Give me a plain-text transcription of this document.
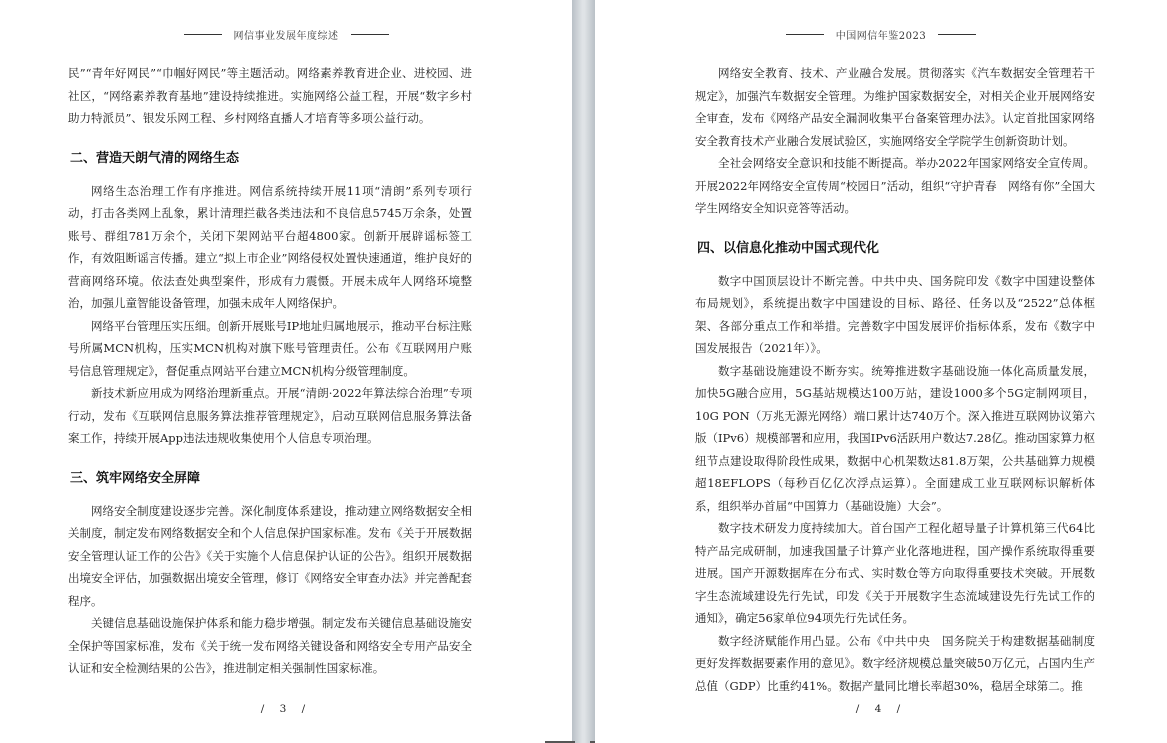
网信事业发展年度综述

民”“青年好网民”“巾帼好网民”等主题活动。网络素养教育进企业、进校园、进社区，“网络素养教育基地”建设持续推进。实施网络公益工程，开展“数字乡村助力特派员”、银发乐网工程、乡村网络直播人才培育等多项公益行动。

二、营造天朗气清的网络生态

网络生态治理工作有序推进。网信系统持续开展11项“清朗”系列专项行动，打击各类网上乱象，累计清理拦截各类违法和不良信息5745万余条，处置账号、群组781万余个，关闭下架网站平台超4800家。创新开展辟谣标签工作，有效阻断谣言传播。建立“拟上市企业”网络侵权处置快速通道，维护良好的营商网络环境。依法查处典型案件，形成有力震慑。开展未成年人网络环境整治，加强儿童智能设备管理，加强未成年人网络保护。

网络平台管理压实压细。创新开展账号IP地址归属地展示，推动平台标注账号所属MCN机构，压实MCN机构对旗下账号管理责任。公布《互联网用户账号信息管理规定》，督促重点网站平台建立MCN机构分级管理制度。

新技术新应用成为网络治理新重点。开展“清朗·2022年算法综合治理”专项行动，发布《互联网信息服务算法推荐管理规定》，启动互联网信息服务算法备案工作，持续开展App违法违规收集使用个人信息专项治理。

三、筑牢网络安全屏障

网络安全制度建设逐步完善。深化制度体系建设，推动建立网络数据安全相关制度，制定发布网络数据安全和个人信息保护国家标准。发布《关于开展数据安全管理认证工作的公告》《关于实施个人信息保护认证的公告》。组织开展数据出境安全评估，加强数据出境安全管理，修订《网络安全审查办法》并完善配套程序。

关键信息基础设施保护体系和能力稳步增强。制定发布关键信息基础设施安全保护等国家标准，发布《关于统一发布网络关键设备和网络安全专用产品安全认证和安全检测结果的公告》，推进制定相关强制性国家标准。

/ 3 /
中国网信年鉴2023

网络安全教育、技术、产业融合发展。贯彻落实《汽车数据安全管理若干规定》，加强汽车数据安全管理。为维护国家数据安全，对相关企业开展网络安全审查，发布《网络产品安全漏洞收集平台备案管理办法》。认定首批国家网络安全教育技术产业融合发展试验区，实施网络安全学院学生创新资助计划。

全社会网络安全意识和技能不断提高。举办2022年国家网络安全宣传周。开展2022年网络安全宣传周“校园日”活动，组织“守护青春　网络有你”全国大学生网络安全知识竞答等活动。

四、以信息化推动中国式现代化

数字中国顶层设计不断完善。中共中央、国务院印发《数字中国建设整体布局规划》，系统提出数字中国建设的目标、路径、任务以及“2522”总体框架、各部分重点工作和举措。完善数字中国发展评价指标体系，发布《数字中国发展报告（2021年）》。

数字基础设施建设不断夯实。统筹推进数字基础设施一体化高质量发展，加快5G融合应用，5G基站规模达100万站，建设1000多个5G定制网项目，10G PON（万兆无源光网络）端口累计达740万个。深入推进互联网协议第六版（IPv6）规模部署和应用，我国IPv6活跃用户数达7.28亿。推动国家算力枢纽节点建设取得阶段性成果，数据中心机架数达81.8万架，公共基础算力规模超18EFLOPS（每秒百亿亿次浮点运算）。全面建成工业互联网标识解析体系，组织举办首届“中国算力（基础设施）大会”。

数字技术研发力度持续加大。首台国产工程化超导量子计算机第三代64比特产品完成研制，加速我国量子计算产业化落地进程，国产操作系统取得重要进展。国产开源数据库在分布式、实时数仓等方向取得重要技术突破。开展数字生态流域建设先行先试，印发《关于开展数字生态流域建设先行先试工作的通知》，确定56家单位94项先行先试任务。

数字经济赋能作用凸显。公布《中共中央　国务院关于构建数据基础制度更好发挥数据要素作用的意见》。数字经济规模总量突破50万亿元，占国内生产总值（GDP）比重约41%。数据产量同比增长率超30%，稳居全球第二。推

/ 4 /
